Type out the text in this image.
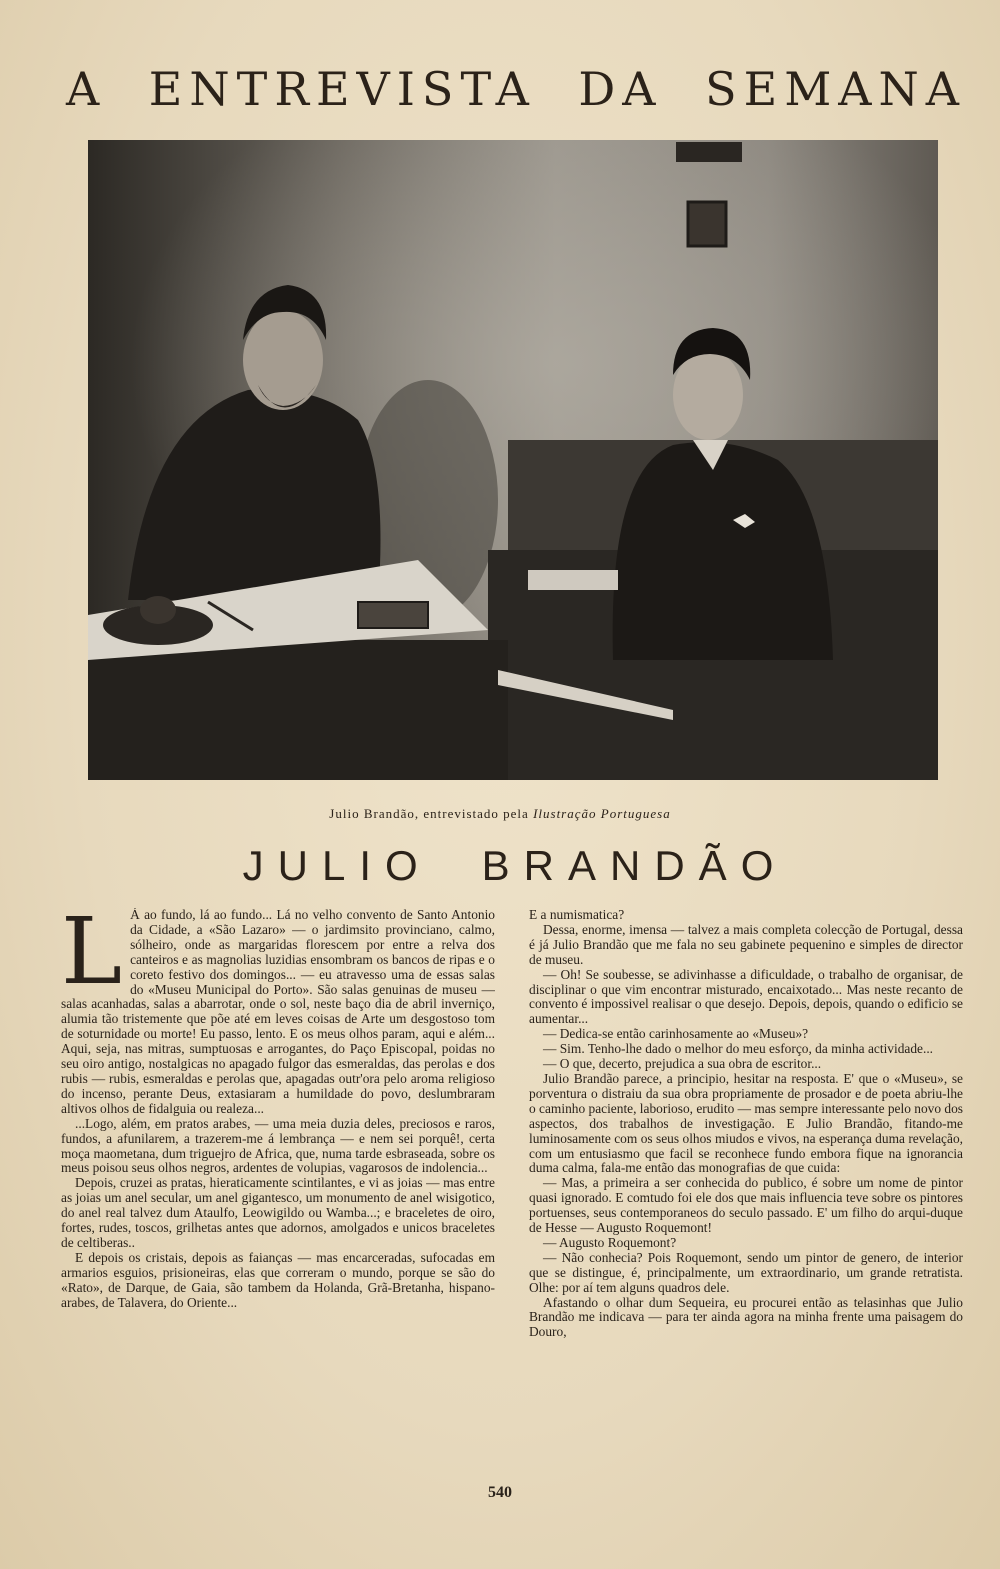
A ENTREVISTA DA SEMANA
Julio Brandão, entrevistado pela Ilustração Portuguesa
JULIO BRANDÃO

L Á ao fundo, lá ao fundo... Lá no velho convento de Santo Antonio da Cidade, a «São Lazaro» — o jardimsito provinciano, calmo, sólheiro, onde as margaridas florescem por entre a relva dos canteiros e as magnolias luzidias ensombram os bancos de ripas e o coreto festivo dos domingos... — eu atravesso uma de essas salas do «Museu Municipal do Porto». São salas genuinas de museu — salas acanhadas, salas a abarrotar, onde o sol, neste baço dia de abril inverniço, alumia tão tristemente que põe até em leves coisas de Arte um desgostoso tom de soturnidade ou morte! Eu passo, lento. E os meus olhos param, aqui e além... Aqui, seja, nas mitras, sumptuosas e arrogantes, do Paço Episcopal, poidas no seu oiro antigo, nostalgicas no apagado fulgor das esmeraldas, das perolas e dos rubis — rubis, esmeraldas e perolas que, apagadas outr'ora pelo aroma religioso do incenso, perante Deus, extasiaram a humildade do povo, deslumbraram altivos olhos de fidalguia ou realeza...

...Logo, além, em pratos arabes, — uma meia duzia deles, preciosos e raros, fundos, a afunilarem, a trazerem-me á lembrança — e nem sei porquê!, certa moça maometana, dum triguejro de Africa, que, numa tarde esbraseada, sobre os meus poisou seus olhos negros, ardentes de volupias, vagarosos de indolencia...

Depois, cruzei as pratas, hieraticamente scintilantes, e vi as joias — mas entre as joias um anel secular, um anel gigantesco, um monumento de anel wisigotico, do anel real talvez dum Ataulfo, Leowigildo ou Wamba...; e braceletes de oiro, fortes, rudes, toscos, grilhetas antes que adornos, amolgados e unicos braceletes de celtiberas..

E depois os cristais, depois as faianças — mas encarceradas, sufocadas em armarios esguios, prisioneiras, elas que correram o mundo, porque se são do «Rato», de Darque, de Gaia, são tambem da Holanda, Grã-Bretanha, hispano-arabes, de Talavera, do Oriente...

E a numismatica?

Dessa, enorme, imensa — talvez a mais completa colecção de Portugal, dessa é já Julio Brandão que me fala no seu gabinete pequenino e simples de director de museu.

— Oh! Se soubesse, se adivinhasse a dificuldade, o trabalho de organisar, de disciplinar o que vim encontrar misturado, encaixotado... Mas neste recanto de convento é impossivel realisar o que desejo. Depois, depois, quando o edificio se aumentar...

— Dedica-se então carinhosamente ao «Museu»?

— Sim. Tenho-lhe dado o melhor do meu esforço, da minha actividade...

— O que, decerto, prejudica a sua obra de escritor...

Julio Brandão parece, a principio, hesitar na resposta. E' que o «Museu», se porventura o distraiu da sua obra propriamente de prosador e de poeta abriu-lhe o caminho paciente, laborioso, erudito — mas sempre interessante pelo novo dos aspectos, dos trabalhos de investigação. E Julio Brandão, fitando-me luminosamente com os seus olhos miudos e vivos, na esperança duma revelação, com um entusiasmo que facil se reconhece fundo embora fique na ignorancia duma calma, fala-me então das monografias de que cuida:

— Mas, a primeira a ser conhecida do publico, é sobre um nome de pintor quasi ignorado. E comtudo foi ele dos que mais influencia teve sobre os pintores portuenses, seus contemporaneos do seculo passado. E' um filho do arqui-duque de Hesse — Augusto Roquemont!

— Augusto Roquemont?

— Não conhecia? Pois Roquemont, sendo um pintor de genero, de interior que se distingue, é, principalmente, um extraordinario, um grande retratista. Olhe: por aí tem alguns quadros dele.

Afastando o olhar dum Sequeira, eu procurei então as telasinhas que Julio Brandão me indicava — para ter ainda agora na minha frente uma paisagem do Douro,

540
